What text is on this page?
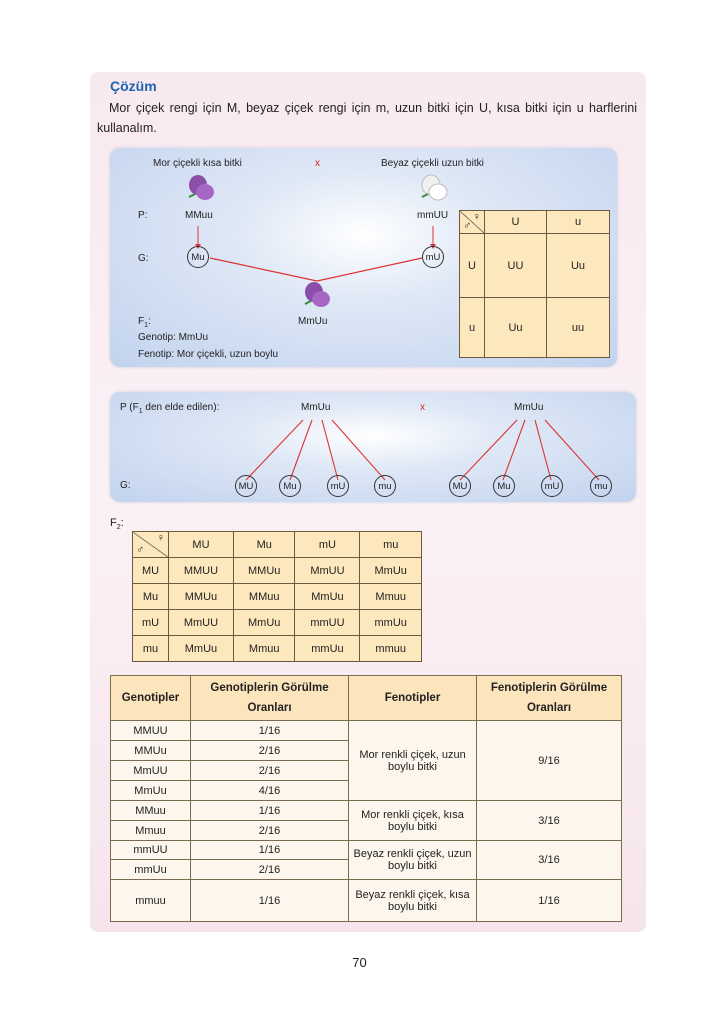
Çözüm
Mor çiçek rengi için M, beyaz çiçek rengi için m, uzun bitki için U, kısa bitki için u harflerini kullanalım.
Mor çiçekli kısa bitki	x	Beyaz çiçekli uzun bitki
P:	MMuu	mmUU
G:	Mu	mU
MmUu
$F_1$:
Genotip: MmUu
Fenotip: Mor çiçekli, uzun boylu
♂
♀	U	u
U	UU	Uu
u	Uu	uu
P ($F_1$ den elde edilen):	MmUu	x	MmUu
G:	MU	Mu	mU	mu	MU	Mu	mU	mu
$F_2$:
♂
♀	MU	Mu	mU	mu
MU	MMUU	MMUu	MmUU	MmUu
Mu	MMUu	MMuu	MmUu	Mmuu
mU	MmUU	MmUu	mmUU	mmUu
mu	MmUu	Mmuu	mmUu	mmuu
Genotipler	Genotiplerin Görülme Oranları	Fenotipler	Fenotiplerin Görülme Oranları
MMUU	1/16	Mor renkli çiçek, uzun boylu bitki	9/16
MMUu	2/16		
MmUU	2/16		
MmUu	4/16		
MMuu	1/16	Mor renkli çiçek, kısa boylu bitki	3/16
Mmuu	2/16		
mmUU	1/16	Beyaz renkli çiçek, uzun boylu bitki	3/16
mmUu	2/16		
mmuu	1/16	Beyaz renkli çiçek, kısa boylu bitki	1/16
70
